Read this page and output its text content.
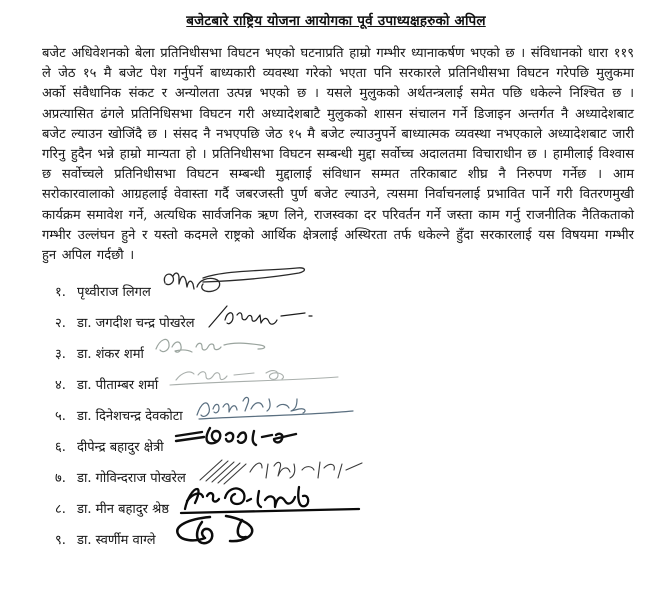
बजेटबारे राष्ट्रिय योजना आयोगका पूर्व उपाध्यक्षहरुको अपिल
बजेट अधिवेशनको बेला प्रतिनिधीसभा विघटन भएको घटनाप्रति हाम्रो गम्भीर ध्यानाकर्षण भएको छ । संविधानको धारा ११९ ले जेठ १५ मै बजेट पेश गर्नुपर्ने बाध्यकारी व्यवस्था गरेको भएता पनि सरकारले प्रतिनिधीसभा विघटन गरेपछि मुलुकमा अर्को संवैधानिक संकट र अन्योलता उत्पन्न भएको छ । यसले मुलुकको अर्थतन्त्रलाई समेत पछि धकेल्ने निश्चित छ । अप्रत्यासित ढंगले प्रतिनिधिसभा विघटन गरी अध्यादेशबाटै मुलुकको शासन संचालन गर्ने डिजाइन अन्तर्गत नै अध्यादेशबाट बजेट ल्याउन खोजिंदै छ । संसद नै नभएपछि जेठ १५ मै बजेट ल्याउनुपर्ने बाध्यात्मक व्यवस्था नभएकाले अध्यादेशबाट जारी गरिनु हुदैन भन्ने हाम्रो मान्यता हो । प्रतिनिधीसभा विघटन सम्बन्धी मुद्दा सर्वोच्च अदालतमा विचाराधीन छ । हामीलाई विश्वास छ सर्वोच्चले प्रतिनिधीसभा विघटन सम्बन्धी मुद्दालाई संविधान सम्मत तरिकाबाट शीघ्र नै निरुपण गर्नेछ । आम सरोकारवालाको आग्रहलाई वेवास्ता गर्दै जबरजस्ती पुर्ण बजेट ल्याउने, त्यसमा निर्वाचनलाई प्रभावित पार्ने गरी वितरणमुखी कार्यक्रम समावेश गर्ने, अत्यधिक सार्वजनिक ऋण लिने, राजस्वका दर परिवर्तन गर्ने जस्ता काम गर्नु राजनीतिक नैतिकताको गम्भीर उल्लंघन हुने र यस्तो कदमले राष्ट्रको आर्थिक क्षेत्रलाई अस्थिरता तर्फ धकेल्ने हुँदा सरकारलाई यस विषयमा गम्भीर हुन अपिल गर्दछौ ।
१. पृथ्वीराज लिगल
२. डा. जगदीश चन्द्र पोखरेल
३. डा. शंकर शर्मा
४. डा. पीताम्बर शर्मा
५. डा. दिनेशचन्द्र देवकोटा
६. दीपेन्द्र बहादुर क्षेत्री
७. डा. गोविन्दराज पोखरेल
८. डा. मीन बहादुर श्रेष्ठ
९. डा. स्वर्णीम वाग्ले
